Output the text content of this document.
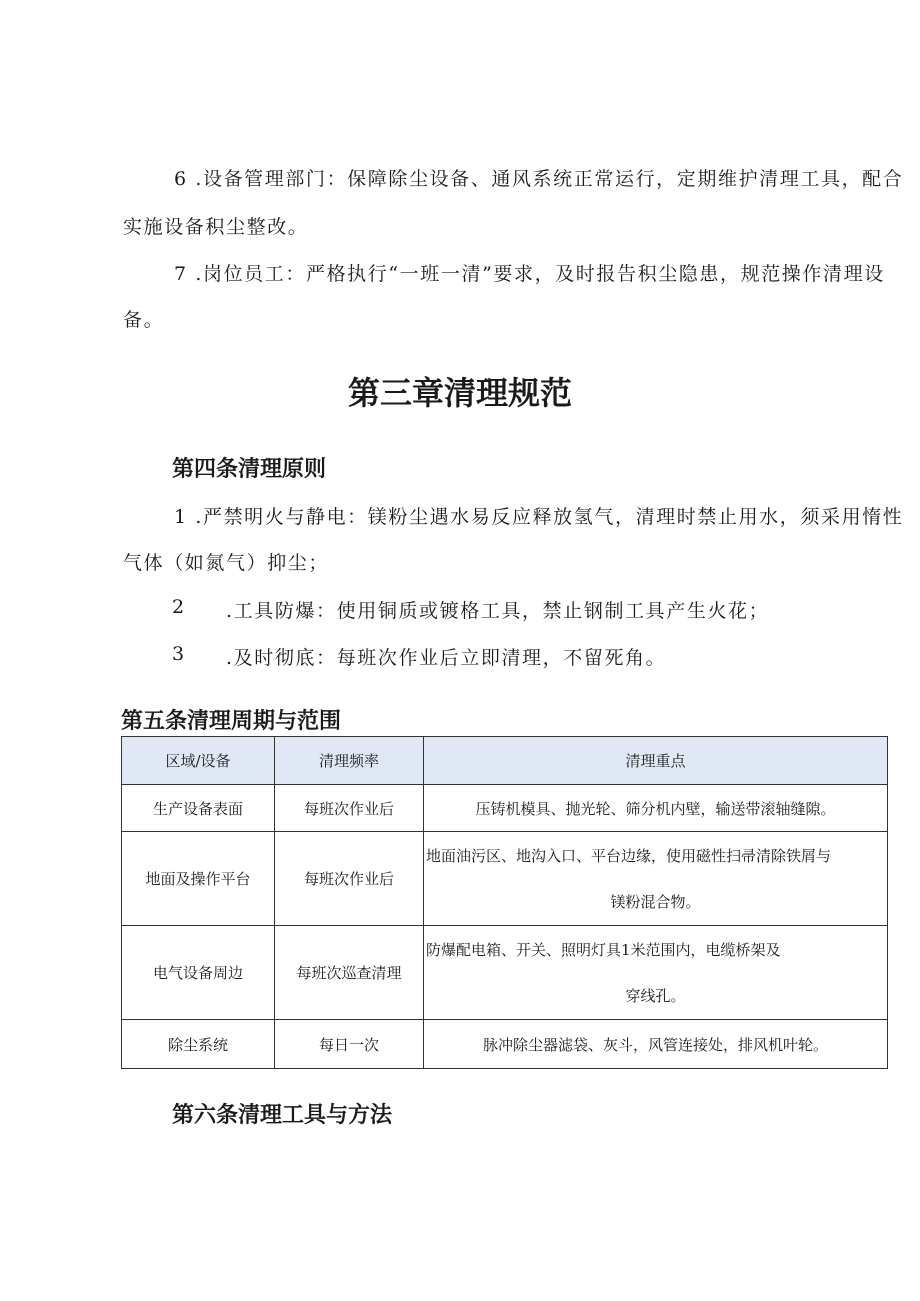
6 .设备管理部门：保障除尘设备、通风系统正常运行，定期维护清理工具，配合
实施设备积尘整改。
7 .岗位员工：严格执行“一班一清”要求，及时报告积尘隐患，规范操作清理设
备。
第三章清理规范
第四条清理原则
1 .严禁明火与静电：镁粉尘遇水易反应释放氢气，清理时禁止用水，须采用惰性
气体（如氮气）抑尘；
2 .工具防爆：使用铜质或镀格工具，禁止钢制工具产生火花；
3 .及时彻底：每班次作业后立即清理，不留死角。
第五条清理周期与范围
区域/设备	清理频率	清理重点
生产设备表面	每班次作业后	压铸机模具、抛光轮、筛分机内壁，输送带滚轴缝隙。
地面及操作平台	每班次作业后	地面油污区、地沟入口、平台边缘，使用磁性扫帚清除铁屑与
镁粉混合物。

电气设备周边	每班次巡查清理	防爆配电箱、开关、照明灯具1米范围内，电缆桥架及
穿线孔。

除尘系统	每日一次	脉冲除尘器滤袋、灰斗，风管连接处，排风机叶轮。
第六条清理工具与方法
